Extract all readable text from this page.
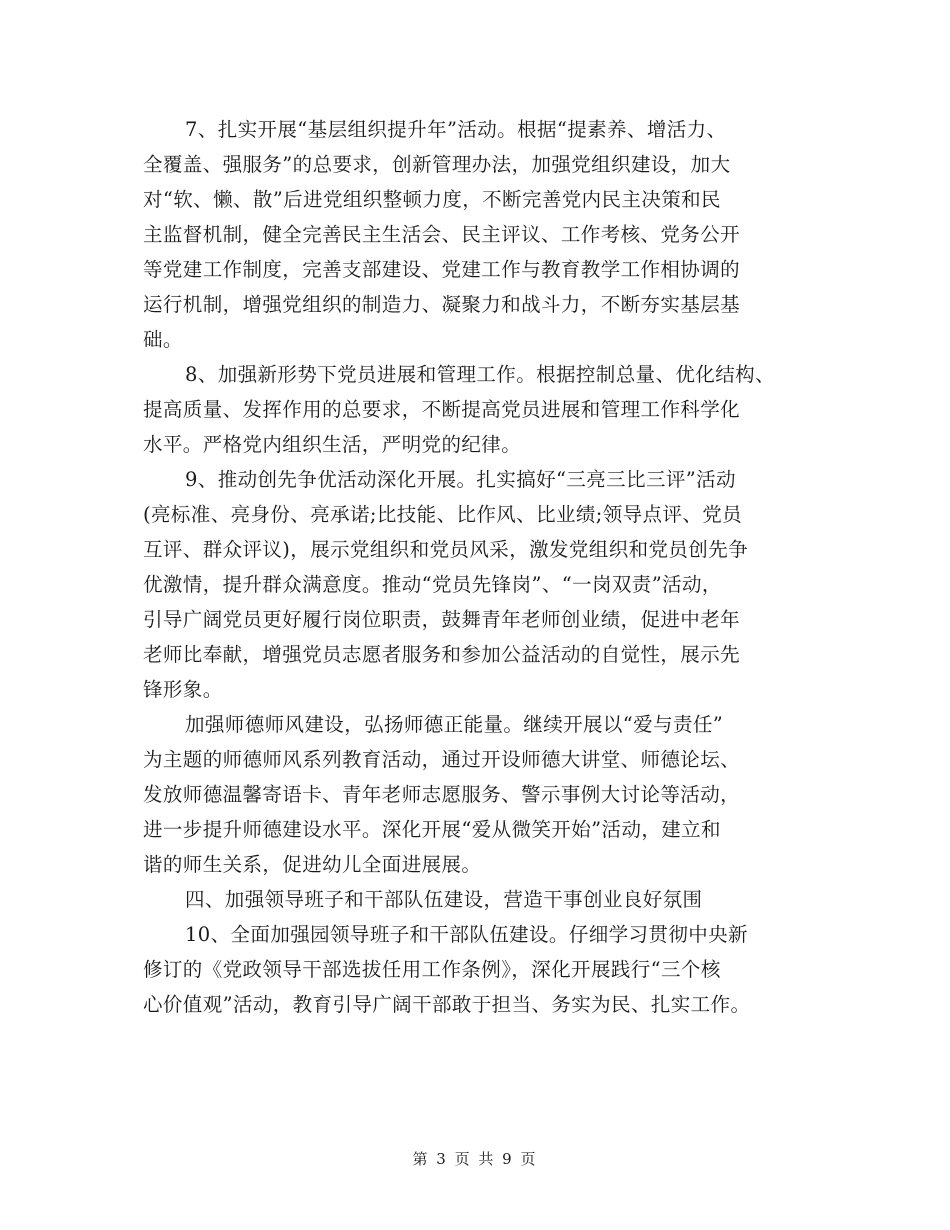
7、扎实开展“基层组织提升年”活动。根据“提素养、增活力、
全覆盖、强服务”的总要求，创新管理办法，加强党组织建设，加大
对“软、懒、散”后进党组织整顿力度，不断完善党内民主决策和民
主监督机制，健全完善民主生活会、民主评议、工作考核、党务公开
等党建工作制度，完善支部建设、党建工作与教育教学工作相协调的
运行机制，增强党组织的制造力、凝聚力和战斗力，不断夯实基层基
础。
8、加强新形势下党员进展和管理工作。根据控制总量、优化结构、
提高质量、发挥作用的总要求，不断提高党员进展和管理工作科学化
水平。严格党内组织生活，严明党的纪律。
9、推动创先争优活动深化开展。扎实搞好“三亮三比三评”活动
(亮标准、亮身份、亮承诺;比技能、比作风、比业绩;领导点评、党员
互评、群众评议)，展示党组织和党员风采，激发党组织和党员创先争
优激情，提升群众满意度。推动“党员先锋岗”、“一岗双责”活动，
引导广阔党员更好履行岗位职责，鼓舞青年老师创业绩，促进中老年
老师比奉献，增强党员志愿者服务和参加公益活动的自觉性，展示先
锋形象。
加强师德师风建设，弘扬师德正能量。继续开展以“爱与责任”
为主题的师德师风系列教育活动，通过开设师德大讲堂、师德论坛、
发放师德温馨寄语卡、青年老师志愿服务、警示事例大讨论等活动，
进一步提升师德建设水平。深化开展“爱从微笑开始”活动，建立和
谐的师生关系，促进幼儿全面进展展。
四、加强领导班子和干部队伍建设，营造干事创业良好氛围
10、全面加强园领导班子和干部队伍建设。仔细学习贯彻中央新
修订的《党政领导干部选拔任用工作条例》，深化开展践行“三个核
心价值观”活动，教育引导广阔干部敢于担当、务实为民、扎实工作。
第 3 页 共 9 页
